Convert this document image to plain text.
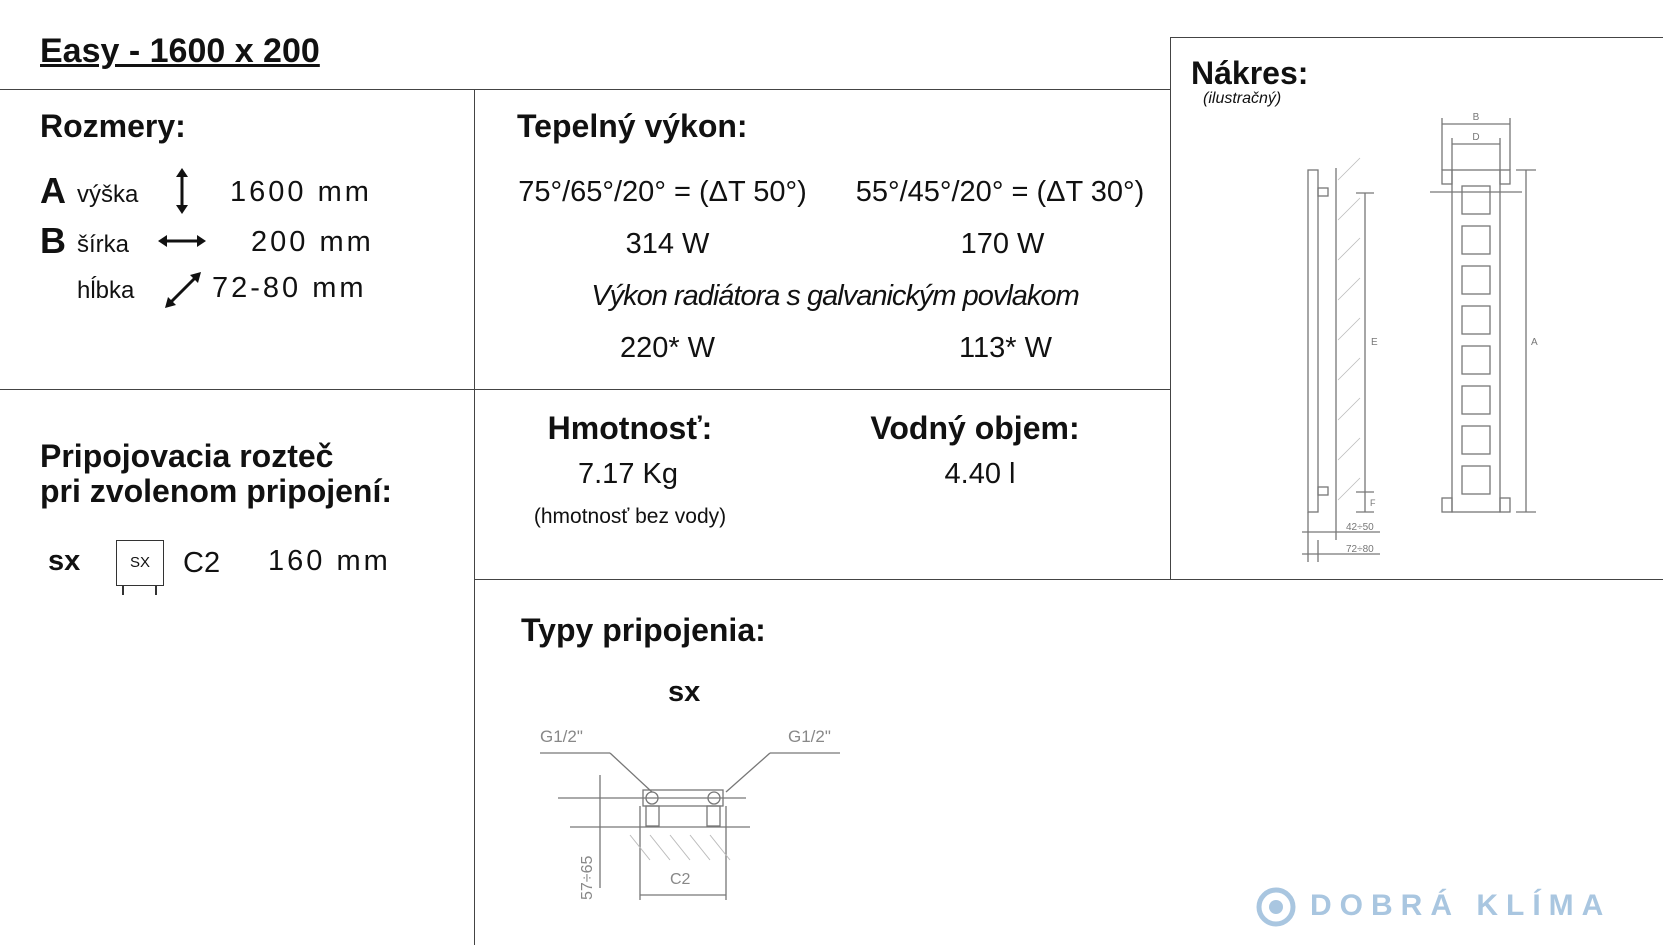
Easy - 1600 x 200
Rozmery:
A výška	1600 mm
B šírka	200 mm
hĺbka	72-80 mm
Tepelný výkon:
75°/65°/20° = (ΔT 50°)	55°/45°/20° = (ΔT 30°)
314 W	170 W
Výkon radiátora s galvanickým povlakom
220* W	113* W
Nákres:
(ilustračný)
B
D
E	A
F
42÷50
72÷80
Pripojovacia rozteč
pri zvolenom pripojení:
sx	SX	C2 160 mm
Hmotnosť:
7.17 Kg
(hmotnosť bez vody)
Vodný objem:
4.40 l
Typy pripojenia:
sx
G1/2"	G1/2"
C2
57÷65
DOBRÁ KLÍMA
